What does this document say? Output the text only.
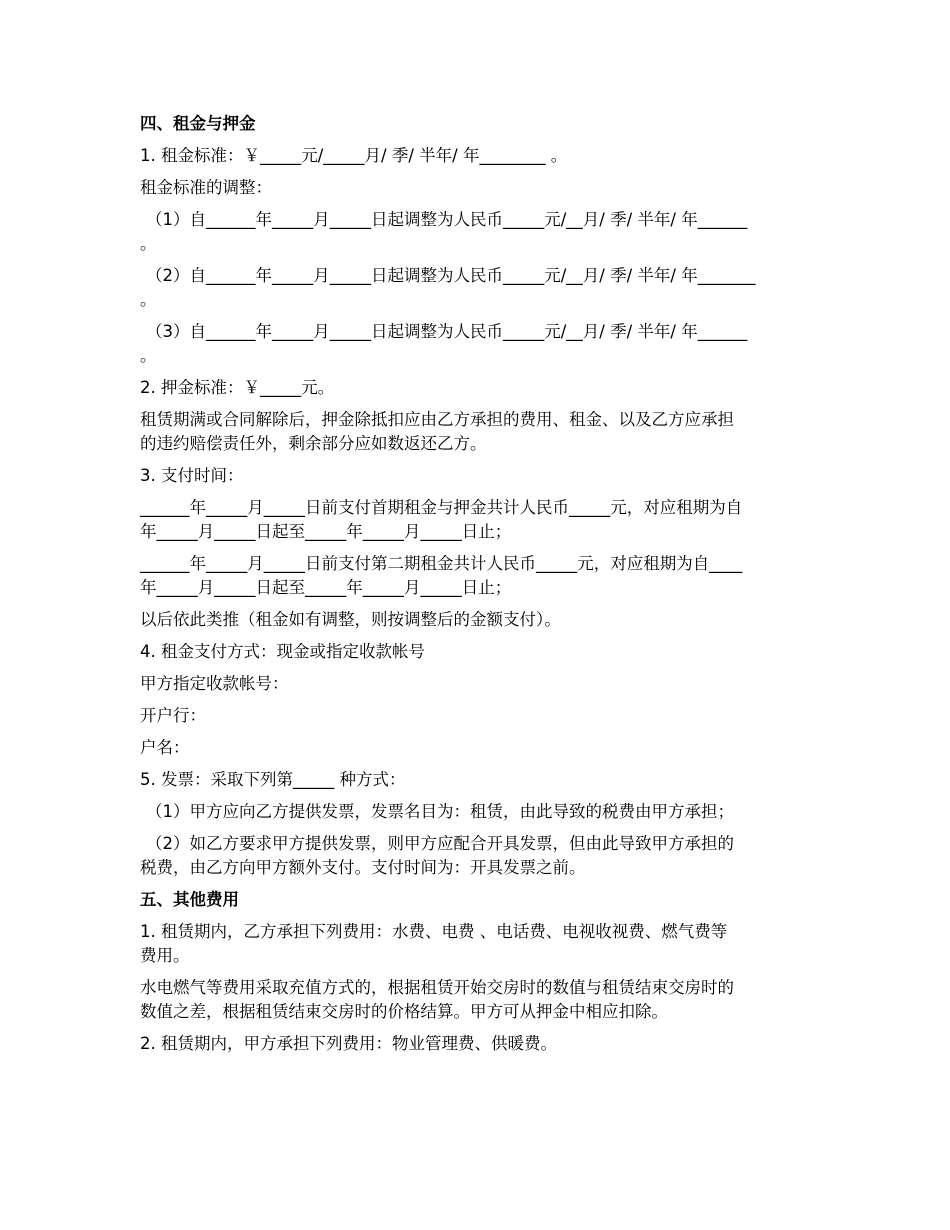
四、租金与押金

1. 租金标准：￥_____元/_____月/ 季/ 半年/ 年________ 。

租金标准的调整：

（1）自______年_____月_____日起调整为人民币_____元/__月/ 季/ 半年/ 年______

。

（2）自______年_____月_____日起调整为人民币_____元/__月/ 季/ 半年/ 年_______

。

（3）自______年_____月_____日起调整为人民币_____元/__月/ 季/ 半年/ 年______

。

2. 押金标准：￥_____元。

租赁期满或合同解除后，押金除抵扣应由乙方承担的费用、租金、以及乙方应承担

的违约赔偿责任外，剩余部分应如数返还乙方。

3. 支付时间：

______年_____月_____日前支付首期租金与押金共计人民币_____元，对应租期为自

年_____月_____日起至_____年_____月_____日止；

______年_____月_____日前支付第二期租金共计人民币_____元，对应租期为自____

年_____月_____日起至_____年_____月_____日止；

以后依此类推（租金如有调整，则按调整后的金额支付）。

4. 租金支付方式：现金或指定收款帐号

甲方指定收款帐号：

开户行：

户名：

5. 发票：采取下列第_____ 种方式：

（1）甲方应向乙方提供发票，发票名目为：租赁，由此导致的税费由甲方承担；

（2）如乙方要求甲方提供发票，则甲方应配合开具发票，但由此导致甲方承担的

税费，由乙方向甲方额外支付。支付时间为：开具发票之前。

五、其他费用

1. 租赁期内，乙方承担下列费用：水费、电费 、电话费、电视收视费、燃气费等

费用。

水电燃气等费用采取充值方式的，根据租赁开始交房时的数值与租赁结束交房时的

数值之差，根据租赁结束交房时的价格结算。甲方可从押金中相应扣除。

2. 租赁期内，甲方承担下列费用：物业管理费、供暖费。
